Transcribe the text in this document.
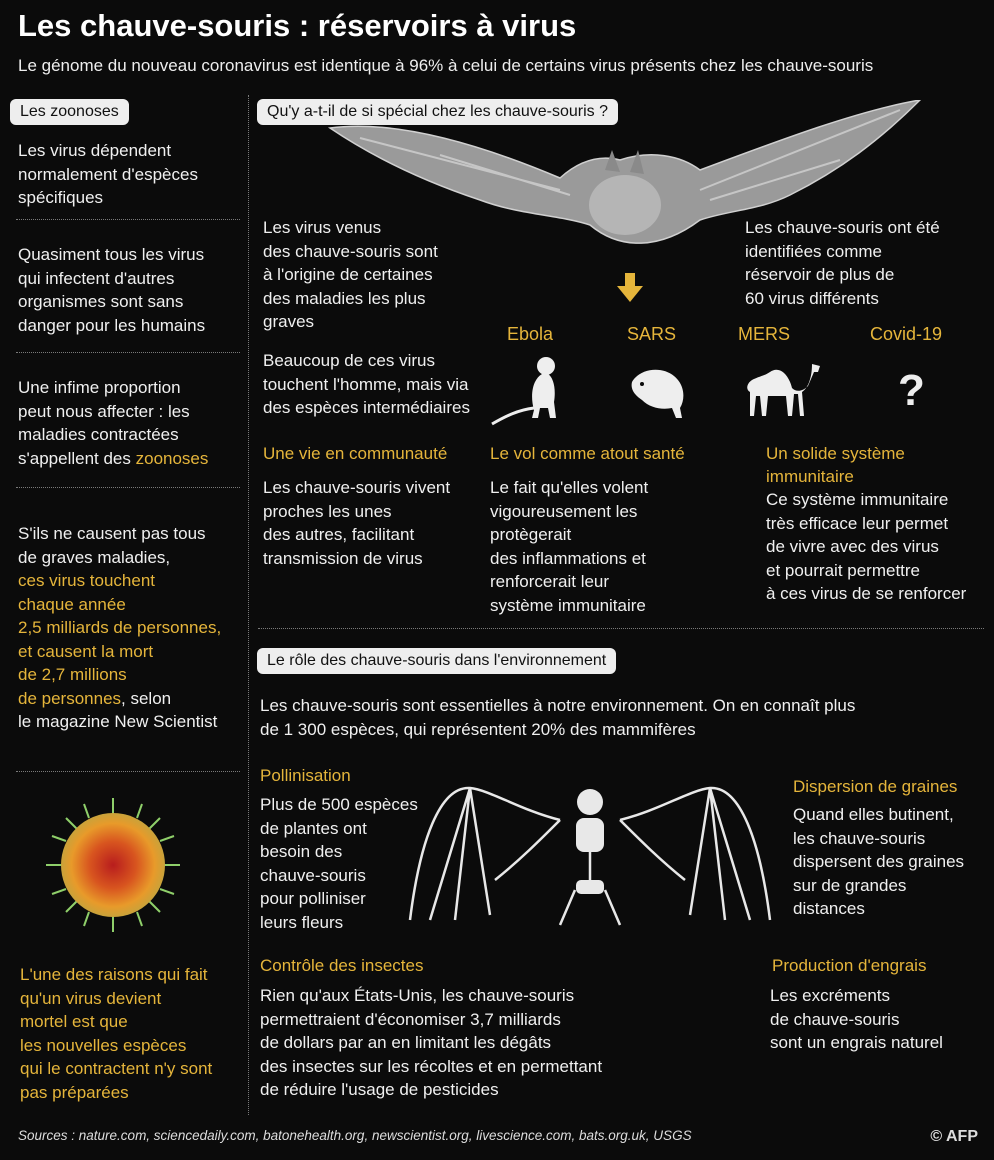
Les chauve-souris : réservoirs à virus
Le génome du nouveau coronavirus est identique à 96% à celui de certains virus présents chez les chauve-souris
Les zoonoses
Les virus dépendent
normalement d'espèces
spécifiques
Quasiment tous les virus
qui infectent d'autres
organismes sont sans
danger pour les humains
Une infime proportion
peut nous affecter : les
maladies contractées
s'appellent des zoonoses
S'ils ne causent pas tous
de graves maladies,
ces virus touchent
chaque année
2,5 milliards de personnes,
et causent la mort
de 2,7 millions
de personnes, selon
le magazine New Scientist
L'une des raisons qui fait
qu'un virus devient
mortel est que
les nouvelles espèces
qui le contractent n'y sont
pas préparées
Qu'y a-t-il de si spécial chez les chauve-souris ?
Les virus venus
des chauve-souris sont
à l'origine de certaines
des maladies les plus
graves
Les chauve-souris ont été
identifiées comme
réservoir de plus de
60 virus différents
Beaucoup de ces virus
touchent l'homme, mais via
des espèces intermédiaires
Ebola	SARS	MERS	Covid-19
?
Une vie en communauté
Les chauve-souris vivent
proches les unes
des autres, facilitant
transmission de virus
Le vol comme atout santé
Le fait qu'elles volent
vigoureusement les
protègerait
des inflammations et
renforcerait leur
système immunitaire
Un solide système
immunitaire
Ce système immunitaire
très efficace leur permet
de vivre avec des virus
et pourrait permettre
à ces virus de se renforcer
Le rôle des chauve-souris dans l'environnement
Les chauve-souris sont essentielles à notre environnement. On en connaît plus
de 1 300 espèces, qui représentent 20% des mammifères
Pollinisation
Plus de 500 espèces
de plantes ont
besoin des
chauve-souris
pour polliniser
leurs fleurs
Dispersion de graines
Quand elles butinent,
les chauve-souris
dispersent des graines
sur de grandes
distances
Contrôle des insectes
Rien qu'aux États-Unis, les chauve-souris
permettraient d'économiser 3,7 milliards
de dollars par an en limitant les dégâts
des insectes sur les récoltes et en permettant
de réduire l'usage de pesticides
Production d'engrais
Les excréments
de chauve-souris
sont un engrais naturel
Sources : nature.com, sciencedaily.com, batonehealth.org, newscientist.org, livescience.com, bats.org.uk, USGS	© AFP
